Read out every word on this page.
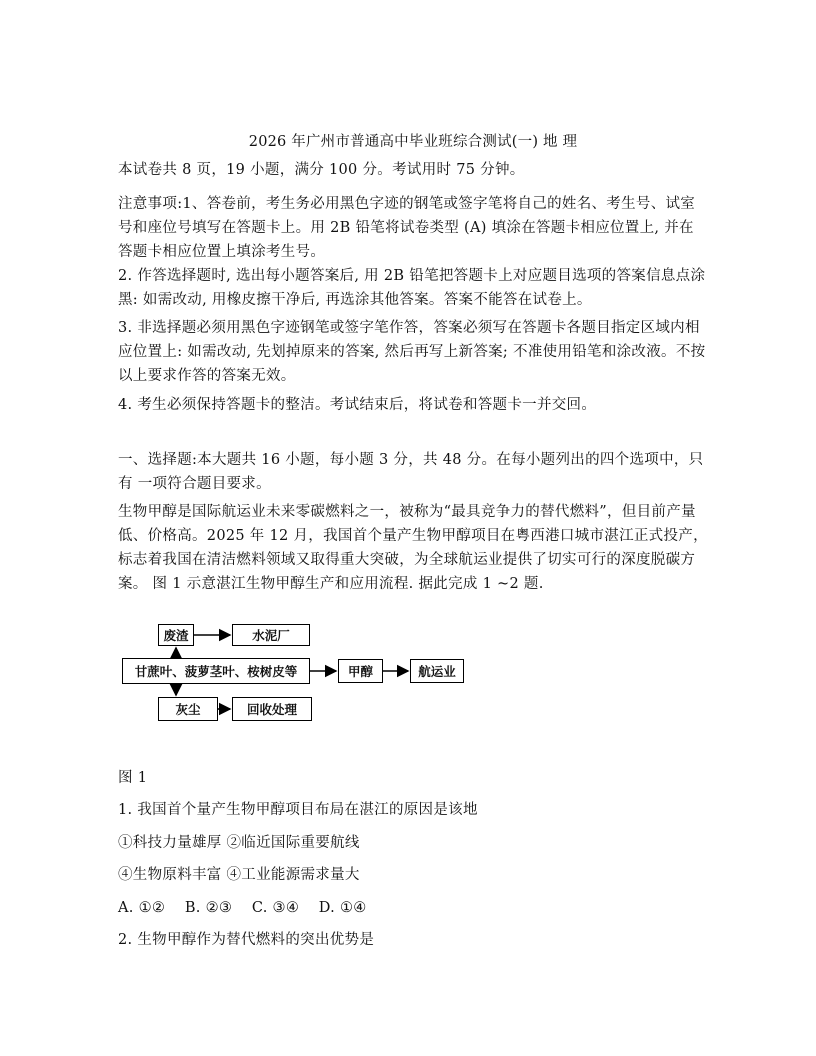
2026 年广州市普通高中毕业班综合测试(一) 地 理

本试卷共 8 页，19 小题，满分 100 分。考试用时 75 分钟。

注意事项:1、答卷前，考生务必用黑色字迹的钢笔或签字笔将自己的姓名、考生号、试室号和座位号填写在答题卡上。用 2B 铅笔将试卷类型 (A) 填涂在答题卡相应位置上, 并在答题卡相应位置上填涂考生号。

2. 作答选择题时, 选出每小题答案后, 用 2B 铅笔把答题卡上对应题目选项的答案信息点涂黑: 如需改动, 用橡皮擦干净后, 再选涂其他答案。答案不能答在试卷上。

3. 非选择题必须用黑色字迹钢笔或签字笔作答，答案必须写在答题卡各题目指定区域内相应位置上: 如需改动, 先划掉原来的答案, 然后再写上新答案; 不准使用铅笔和涂改液。不按以上要求作答的答案无效。

4. 考生必须保持答题卡的整洁。考试结束后，将试卷和答题卡一并交回。

一、选择题:本大题共 16 小题，每小题 3 分，共 48 分。在每小题列出的四个选项中，只有 一项符合题目要求。

生物甲醇是国际航运业未来零碳燃料之一，被称为“最具竞争力的替代燃料”，但目前产量低、价格高。2025 年 12 月，我国首个量产生物甲醇项目在粤西港口城市湛江正式投产， 标志着我国在清洁燃料领域又取得重大突破，为全球航运业提供了切实可行的深度脱碳方案。 图 1 示意湛江生物甲醇生产和应用流程. 据此完成 1 ~2 题.

废渣	水泥厂
甘蔗叶、菠萝茎叶、桉树皮等	甲醇	航运业
灰尘	回收处理

图 1

1. 我国首个量产生物甲醇项目布局在湛江的原因是该地

①科技力量雄厚 ②临近国际重要航线

④生物原料丰富 ④工业能源需求量大

A. ①②    B. ②③    C. ③④    D. ①④

2. 生物甲醇作为替代燃料的突出优势是
